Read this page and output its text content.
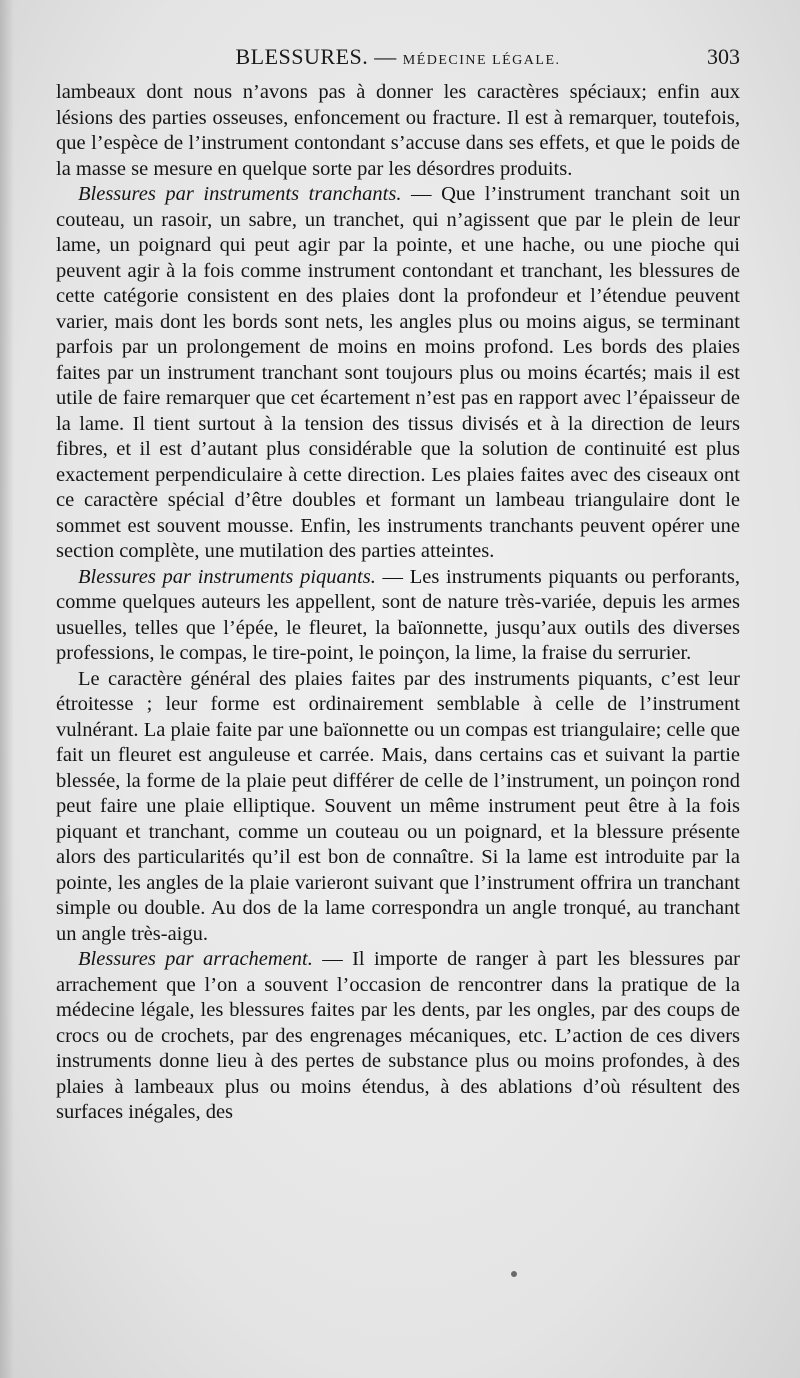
BLESSURES. — MÉDECINE LÉGALE.	303

lambeaux dont nous n’avons pas à donner les caractères spéciaux; enfin aux lésions des parties osseuses, enfoncement ou fracture. Il est à remarquer, toutefois, que l’espèce de l’instrument contondant s’accuse dans ses effets, et que le poids de la masse se mesure en quelque sorte par les désordres produits.

Blessures par instruments tranchants. — Que l’instrument tranchant soit un couteau, un rasoir, un sabre, un tranchet, qui n’agissent que par le plein de leur lame, un poignard qui peut agir par la pointe, et une hache, ou une pioche qui peuvent agir à la fois comme instrument contondant et tranchant, les blessures de cette catégorie consistent en des plaies dont la profondeur et l’étendue peuvent varier, mais dont les bords sont nets, les angles plus ou moins aigus, se terminant parfois par un prolongement de moins en moins profond. Les bords des plaies faites par un instrument tranchant sont toujours plus ou moins écartés; mais il est utile de faire remarquer que cet écartement n’est pas en rapport avec l’épaisseur de la lame. Il tient surtout à la tension des tissus divisés et à la direction de leurs fibres, et il est d’autant plus considérable que la solution de continuité est plus exactement perpendiculaire à cette direction. Les plaies faites avec des ciseaux ont ce caractère spécial d’être doubles et formant un lambeau triangulaire dont le sommet est souvent mousse. Enfin, les instruments tranchants peuvent opérer une section complète, une mutilation des parties atteintes.

Blessures par instruments piquants. — Les instruments piquants ou perforants, comme quelques auteurs les appellent, sont de nature très-variée, depuis les armes usuelles, telles que l’épée, le fleuret, la baïonnette, jusqu’aux outils des diverses professions, le compas, le tire-point, le poinçon, la lime, la fraise du serrurier.

Le caractère général des plaies faites par des instruments piquants, c’est leur étroitesse ; leur forme est ordinairement semblable à celle de l’instrument vulnérant. La plaie faite par une baïonnette ou un compas est triangulaire; celle que fait un fleuret est anguleuse et carrée. Mais, dans certains cas et suivant la partie blessée, la forme de la plaie peut différer de celle de l’instrument, un poinçon rond peut faire une plaie elliptique. Souvent un même instrument peut être à la fois piquant et tranchant, comme un couteau ou un poignard, et la blessure présente alors des particularités qu’il est bon de connaître. Si la lame est introduite par la pointe, les angles de la plaie varieront suivant que l’instrument offrira un tranchant simple ou double. Au dos de la lame correspondra un angle tronqué, au tranchant un angle très-aigu.

Blessures par arrachement. — Il importe de ranger à part les blessures par arrachement que l’on a souvent l’occasion de rencontrer dans la pratique de la médecine légale, les blessures faites par les dents, par les ongles, par des coups de crocs ou de crochets, par des engrenages mécaniques, etc. L’action de ces divers instruments donne lieu à des pertes de substance plus ou moins profondes, à des plaies à lambeaux plus ou moins étendus, à des ablations d’où résultent des surfaces inégales, des
